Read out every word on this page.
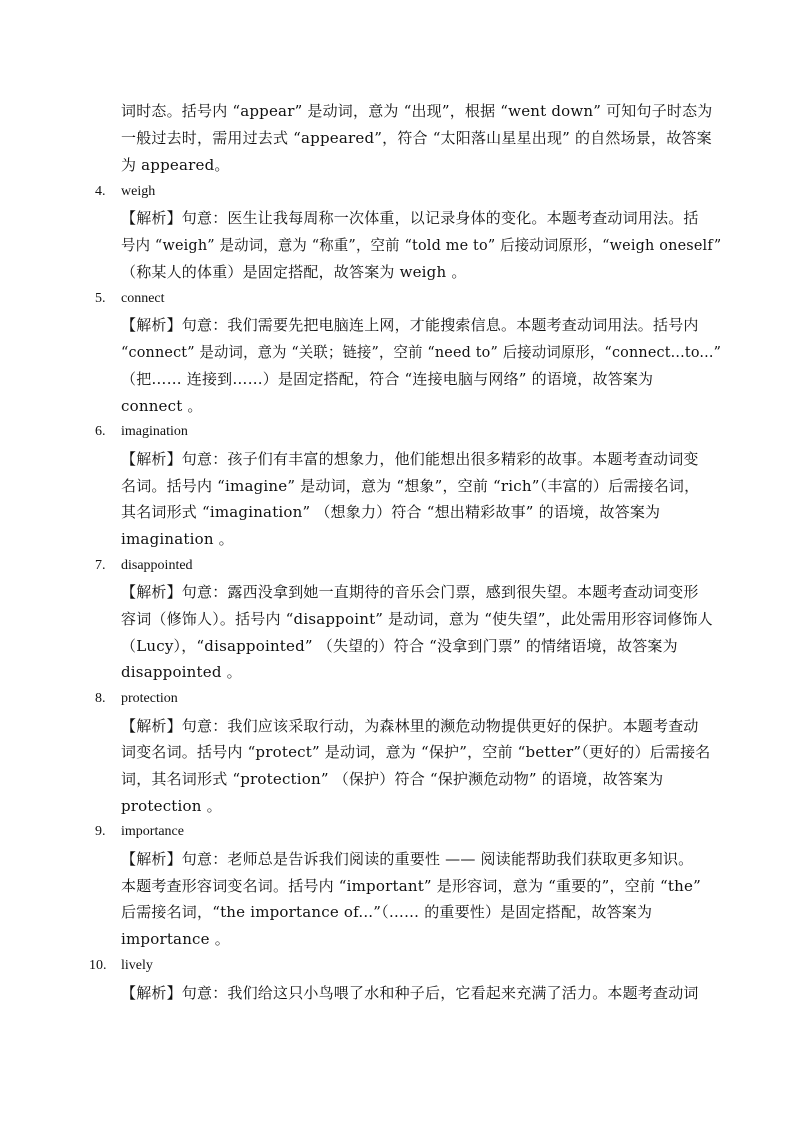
词时态。括号内 “appear” 是动词，意为 “出现”，根据 “went down” 可知句子时态为
一般过去时，需用过去式 “appeared”，符合 “太阳落山星星出现” 的自然场景，故答案
为 appeared。
4.	weigh
【解析】句意：医生让我每周称一次体重，以记录身体的变化。本题考查动词用法。括
号内 “weigh” 是动词，意为 “称重”，空前 “told me to” 后接动词原形，“weigh oneself”
（称某人的体重）是固定搭配，故答案为 weigh 。
5.	connect
【解析】句意：我们需要先把电脑连上网，才能搜索信息。本题考查动词用法。括号内
“connect” 是动词，意为 “关联；链接”，空前 “need to” 后接动词原形，“connect...to...”
（把…… 连接到……）是固定搭配，符合 “连接电脑与网络” 的语境，故答案为
connect 。
6.	imagination
【解析】句意：孩子们有丰富的想象力，他们能想出很多精彩的故事。本题考查动词变
名词。括号内 “imagine” 是动词，意为 “想象”，空前 “rich”（丰富的）后需接名词，
其名词形式 “imagination” （想象力）符合 “想出精彩故事” 的语境，故答案为
imagination 。
7.	disappointed
【解析】句意：露西没拿到她一直期待的音乐会门票，感到很失望。本题考查动词变形
容词（修饰人）。括号内 “disappoint” 是动词，意为 “使失望”，此处需用形容词修饰人
（Lucy），“disappointed” （失望的）符合 “没拿到门票” 的情绪语境，故答案为
disappointed 。
8.	protection
【解析】句意：我们应该采取行动，为森林里的濒危动物提供更好的保护。本题考查动
词变名词。括号内 “protect” 是动词，意为 “保护”，空前 “better”（更好的）后需接名
词，其名词形式 “protection” （保护）符合 “保护濒危动物” 的语境，故答案为
protection 。
9.	importance
【解析】句意：老师总是告诉我们阅读的重要性 —— 阅读能帮助我们获取更多知识。
本题考查形容词变名词。括号内 “important” 是形容词，意为 “重要的”，空前 “the”
后需接名词，“the importance of...”（…… 的重要性）是固定搭配，故答案为
importance 。
10.	lively
【解析】句意：我们给这只小鸟喂了水和种子后，它看起来充满了活力。本题考查动词
